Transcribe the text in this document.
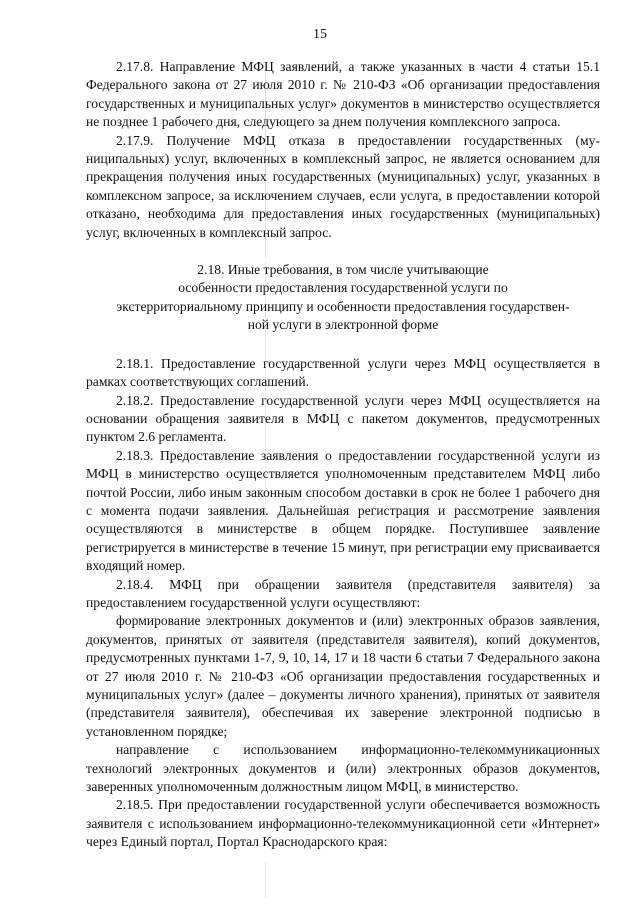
15

2.17.8. Направление МФЦ заявлений, а также указанных в части 4 статьи 15.1 Федерального закона от 27 июля 2010 г. № 210-ФЗ «Об организации предоставления государственных и муниципальных услуг» документов в министерство осуществляется не позднее 1 рабочего дня, следующего за днем получения комплексного запроса.

2.17.9. Получение МФЦ отказа в предоставлении государственных (муниципальных) услуг, включенных в комплексный запрос, не является основанием для прекращения получения иных государственных (муниципальных) услуг, указанных в комплексном запросе, за исключением случаев, если услуга, в предоставлении которой отказано, необходима для предоставления иных государственных (муниципальных) услуг, включенных в комплексный запрос.

2.18. Иные требования, в том числе учитывающие
особенности предоставления государственной услуги по
экстерриториальному принципу и особенности предоставления государствен-
ной услуги в электронной форме

2.18.1. Предоставление государственной услуги через МФЦ осуществляется в рамках соответствующих соглашений.

2.18.2. Предоставление государственной услуги через МФЦ осуществляется на основании обращения заявителя в МФЦ с пакетом документов, предусмотренных пунктом 2.6 регламента.

2.18.3. Предоставление заявления о предоставлении государственной услуги из МФЦ в министерство осуществляется уполномоченным представителем МФЦ либо почтой России, либо иным законным способом доставки в срок не более 1 рабочего дня с момента подачи заявления. Дальнейшая регистрация и рассмотрение заявления осуществляются в министерстве в общем порядке. Поступившее заявление регистрируется в министерстве в течение 15 минут, при регистрации ему присваивается входящий номер.

2.18.4. МФЦ при обращении заявителя (представителя заявителя) за предоставлением государственной услуги осуществляют:

формирование электронных документов и (или) электронных образов заявления, документов, принятых от заявителя (представителя заявителя), копий документов, предусмотренных пунктами 1-7, 9, 10, 14, 17 и 18 части 6 статьи 7 Федерального закона от 27 июля 2010 г. № 210-ФЗ «Об организации предоставления государственных и муниципальных услуг» (далее – документы личного хранения), принятых от заявителя (представителя заявителя), обеспечивая их заверение электронной подписью в установленном порядке;

направление с использованием информационно-телекоммуникационных технологий электронных документов и (или) электронных образов документов, заверенных уполномоченным должностным лицом МФЦ, в министерство.

2.18.5. При предоставлении государственной услуги обеспечивается возможность заявителя с использованием информационно-телекоммуникационной сети «Интернет» через Единый портал, Портал Краснодарского края:
